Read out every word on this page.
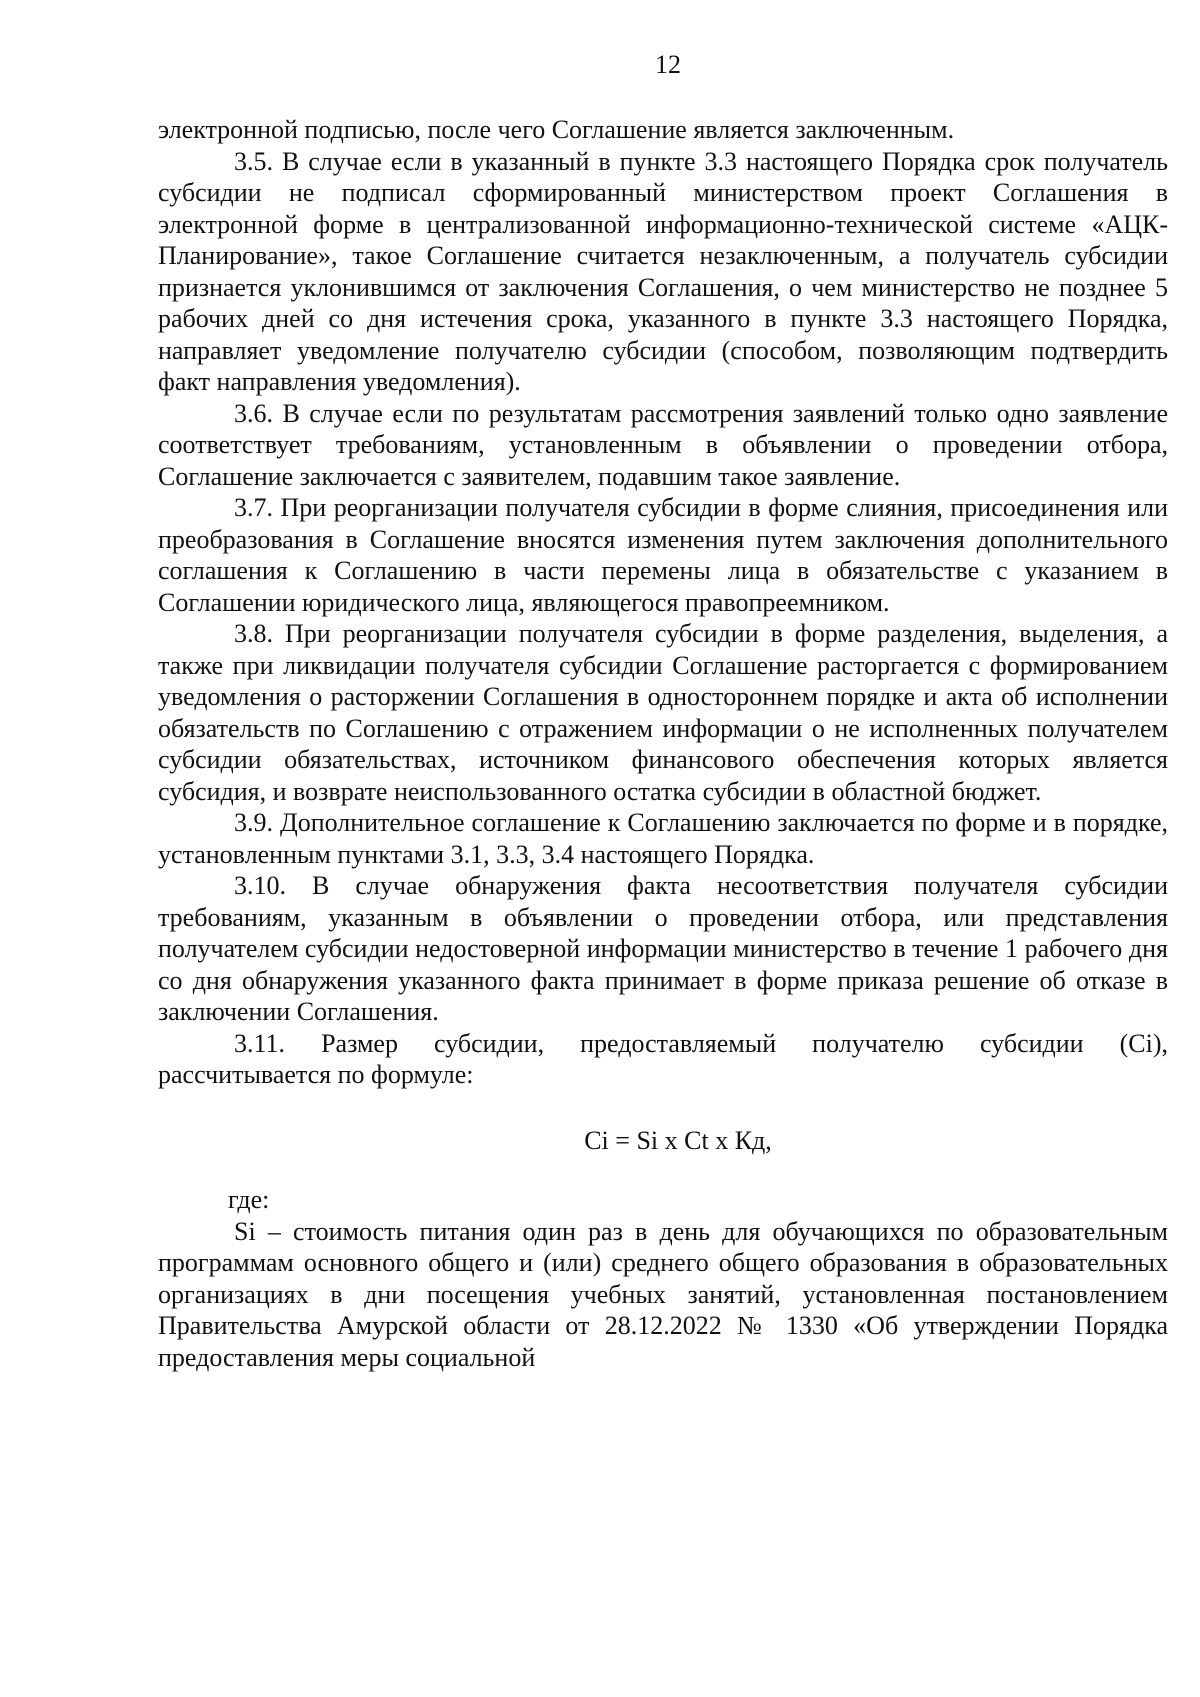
12

электронной подписью, после чего Соглашение является заключенным.

3.5. В случае если в указанный в пункте 3.3 настоящего Порядка срок получатель субсидии не подписал сформированный министерством проект Соглашения в электронной форме в централизованной информационно-технической системе «АЦК-Планирование», такое Соглашение считается незаключенным, а получатель субсидии признается уклонившимся от заключения Соглашения, о чем министерство не позднее 5 рабочих дней со дня истечения срока, указанного в пункте 3.3 настоящего Порядка, направляет уведомление получателю субсидии (способом, позволяющим подтвердить факт направления уведомления).

3.6. В случае если по результатам рассмотрения заявлений только одно заявление соответствует требованиям, установленным в объявлении о проведении отбора, Соглашение заключается с заявителем, подавшим такое заявление.

3.7. При реорганизации получателя субсидии в форме слияния, присоединения или преобразования в Соглашение вносятся изменения путем заключения дополнительного соглашения к Соглашению в части перемены лица в обязательстве с указанием в Соглашении юридического лица, являющегося правопреемником.

3.8. При реорганизации получателя субсидии в форме разделения, выделения, а также при ликвидации получателя субсидии Соглашение расторгается с формированием уведомления о расторжении Соглашения в одностороннем порядке и акта об исполнении обязательств по Соглашению с отражением информации о не исполненных получателем субсидии обязательствах, источником финансового обеспечения которых является субсидия, и возврате неиспользованного остатка субсидии в областной бюджет.

3.9. Дополнительное соглашение к Соглашению заключается по форме и в порядке, установленным пунктами 3.1, 3.3, 3.4 настоящего Порядка.

3.10. В случае обнаружения факта несоответствия получателя субсидии требованиям, указанным в объявлении о проведении отбора, или представления получателем субсидии недостоверной информации министерство в течение 1 рабочего дня со дня обнаружения указанного факта принимает в форме приказа решение об отказе в заключении Соглашения.

3.11. Размер субсидии, предоставляемый получателю субсидии (Ci), рассчитывается по формуле:

Ci = Si x Ct x Кд,

где:

Si – стоимость питания один раз в день для обучающихся по образовательным программам основного общего и (или) среднего общего образования в образовательных организациях в дни посещения учебных занятий, установленная постановлением Правительства Амурской области от 28.12.2022 № 1330 «Об утверждении Порядка предоставления меры социальной
